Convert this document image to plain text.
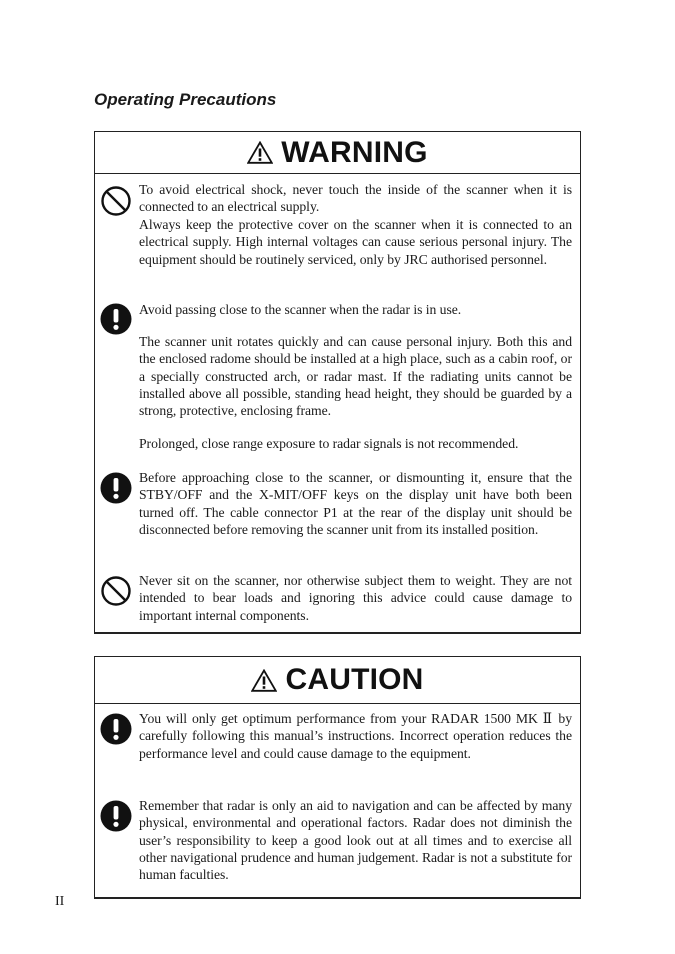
Operating Precautions
WARNING

To avoid electrical shock, never touch the inside of the scanner when it is connected to an electrical supply.

Always keep the protective cover on the scanner when it is connected to an electrical supply. High internal voltages can cause serious personal injury. The equipment should be routinely serviced, only by JRC authorised personnel.

Avoid passing close to the scanner when the radar is in use.

The scanner unit rotates quickly and can cause personal injury. Both this and the enclosed radome should be installed at a high place, such as a cabin roof, or a specially constructed arch, or radar mast. If the radiating units cannot be installed above all possible, standing head height, they should be guarded by a strong, protective, enclosing frame.

Prolonged, close range exposure to radar signals is not recommended.

Before approaching close to the scanner, or dismounting it, ensure that the STBY/OFF and the X-MIT/OFF keys on the display unit have both been turned off. The cable connector P1 at the rear of the display unit should be disconnected before removing the scanner unit from its installed position.

Never sit on the scanner, nor otherwise subject them to weight. They are not intended to bear loads and ignoring this advice could cause damage to important internal components.

CAUTION

You will only get optimum performance from your RADAR 1500 MK Ⅱ by carefully following this manual’s instructions. Incorrect operation reduces the performance level and could cause damage to the equipment.

Remember that radar is only an aid to navigation and can be affected by many physical, environmental and operational factors. Radar does not diminish the user’s responsibility to keep a good look out at all times and to exercise all other navigational prudence and human judgement. Radar is not a substitute for human faculties.

II
